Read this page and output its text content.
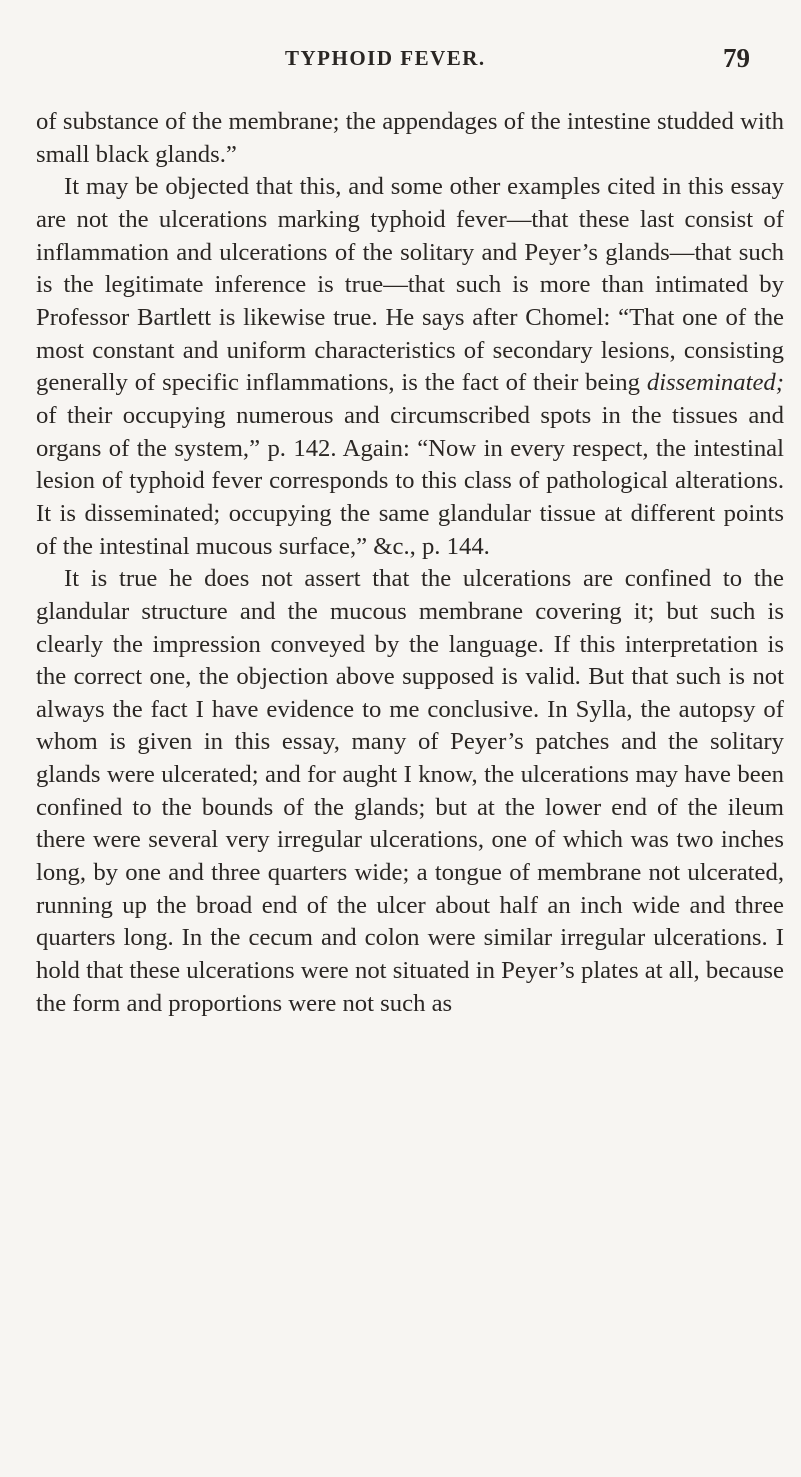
TYPHOID FEVER.	79

of substance of the membrane; the appendages of the intestine studded with small black glands.”

It may be objected that this, and some other examples cited in this essay are not the ulcerations marking typhoid fever—that these last consist of inflammation and ulcerations of the solitary and Peyer’s glands—that such is the legitimate inference is true—that such is more than intimated by Professor Bartlett is likewise true. He says after Chomel: “That one of the most constant and uniform characteristics of secondary lesions, consisting generally of specific inflammations, is the fact of their being disseminated; of their occupying numerous and circumscribed spots in the tissues and organs of the system,” p. 142. Again: “Now in every respect, the intestinal lesion of typhoid fever corresponds to this class of pathological alterations. It is disseminated; occupying the same glandular tissue at different points of the intestinal mucous surface,” &c., p. 144.

It is true he does not assert that the ulcerations are confined to the glandular structure and the mucous membrane covering it; but such is clearly the impression conveyed by the language. If this interpretation is the correct one, the objection above supposed is valid. But that such is not always the fact I have evidence to me conclusive. In Sylla, the autopsy of whom is given in this essay, many of Peyer’s patches and the solitary glands were ulcerated; and for aught I know, the ulcerations may have been confined to the bounds of the glands; but at the lower end of the ileum there were several very irregular ulcerations, one of which was two inches long, by one and three quarters wide; a tongue of membrane not ulcerated, running up the broad end of the ulcer about half an inch wide and three quarters long. In the cecum and colon were similar irregular ulcerations. I hold that these ulcerations were not situated in Peyer’s plates at all, because the form and proportions were not such as
